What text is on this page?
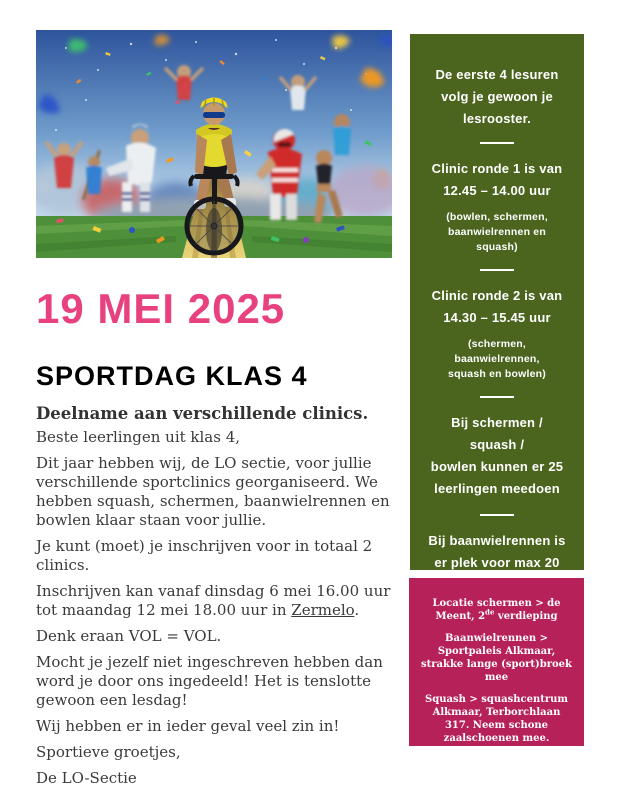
19 MEI 2025
SPORTDAG KLAS 4
Deelname aan verschillende clinics.

Beste leerlingen uit klas 4,

Dit jaar hebben wij, de LO sectie, voor jullie verschillende sportclinics georganiseerd. We hebben squash, schermen, baanwielrennen en bowlen klaar staan voor jullie.

Je kunt (moet) je inschrijven voor in totaal 2 clinics.

Inschrijven kan vanaf dinsdag 6 mei 16.00 uur tot maandag 12 mei 18.00 uur in Zermelo.

Denk eraan VOL = VOL.

Mocht je jezelf niet ingeschreven hebben dan word je door ons ingedeeld! Het is tenslotte gewoon een lesdag!

Wij hebben er in ieder geval veel zin in!

Sportieve groetjes,

De LO-Sectie

De eerste 4 lesuren
volg je gewoon je
lesrooster.
Clinic ronde 1 is van
12.45 – 14.00 uur
(bowlen, schermen,
baanwielrennen en squash)
Clinic ronde 2 is van
14.30 – 15.45 uur
(schermen, baanwielrennen,
squash en bowlen)
Bij schermen / squash /
bowlen kunnen er 25
leerlingen meedoen
Bij baanwielrennen is
er plek voor max 20

Locatie schermen > de Meent, 2de verdieping

Baanwielrennen > Sportpaleis Alkmaar, strakke lange (sport)broek mee

Squash > squashcentrum Alkmaar, Terborchlaan 317. Neem schone zaalschoenen mee.

Bowlen > kegel centrum Victorie plaza, Terborchlaan 325
